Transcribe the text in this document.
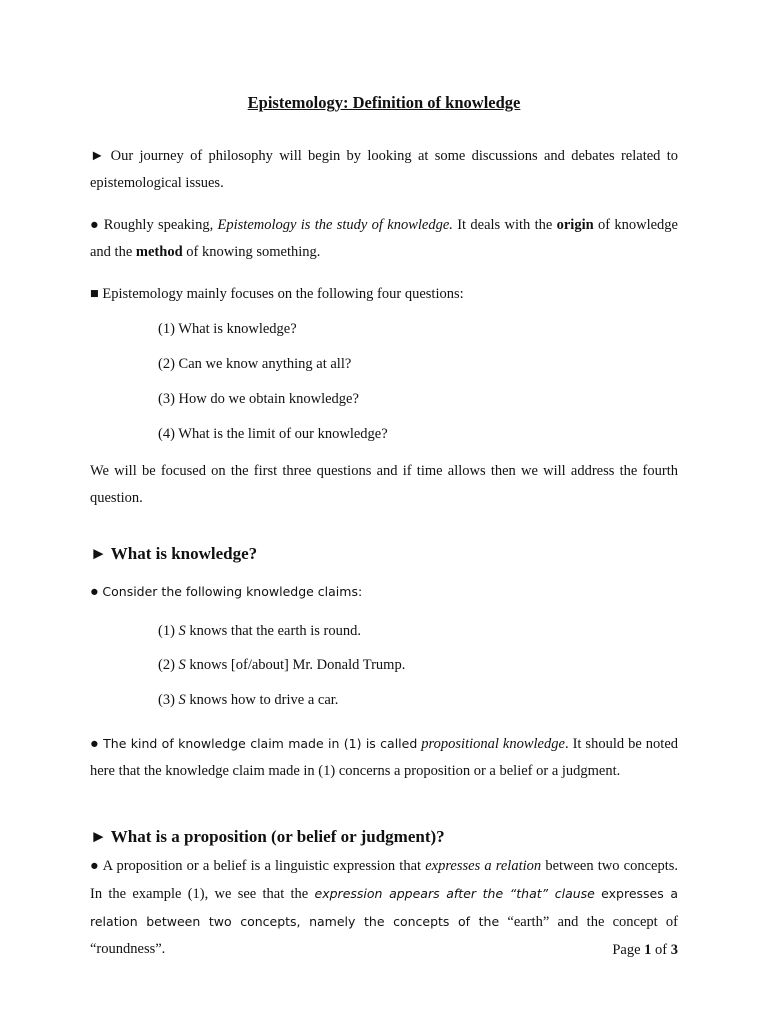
Epistemology: Definition of knowledge

► Our journey of philosophy will begin by looking at some discussions and debates related to epistemological issues.

● Roughly speaking, Epistemology is the study of knowledge. It deals with the origin of knowledge and the method of knowing something.

■ Epistemology mainly focuses on the following four questions:

(1) What is knowledge?

(2) Can we know anything at all?

(3) How do we obtain knowledge?

(4) What is the limit of our knowledge?

We will be focused on the first three questions and if time allows then we will address the fourth question.

► What is knowledge?

● Consider the following knowledge claims:

(1) S knows that the earth is round.

(2) S knows [of/about] Mr. Donald Trump.

(3) S knows how to drive a car.

● The kind of knowledge claim made in (1) is called propositional knowledge. It should be noted here that the knowledge claim made in (1) concerns a proposition or a belief or a judgment.

► What is a proposition (or belief or judgment)?

● A proposition or a belief is a linguistic expression that expresses a relation between two concepts. In the example (1), we see that the expression appears after the “that” clause expresses a relation between two concepts, namely the concepts of the “earth” and the concept of “roundness”.	Page 1 of 3
